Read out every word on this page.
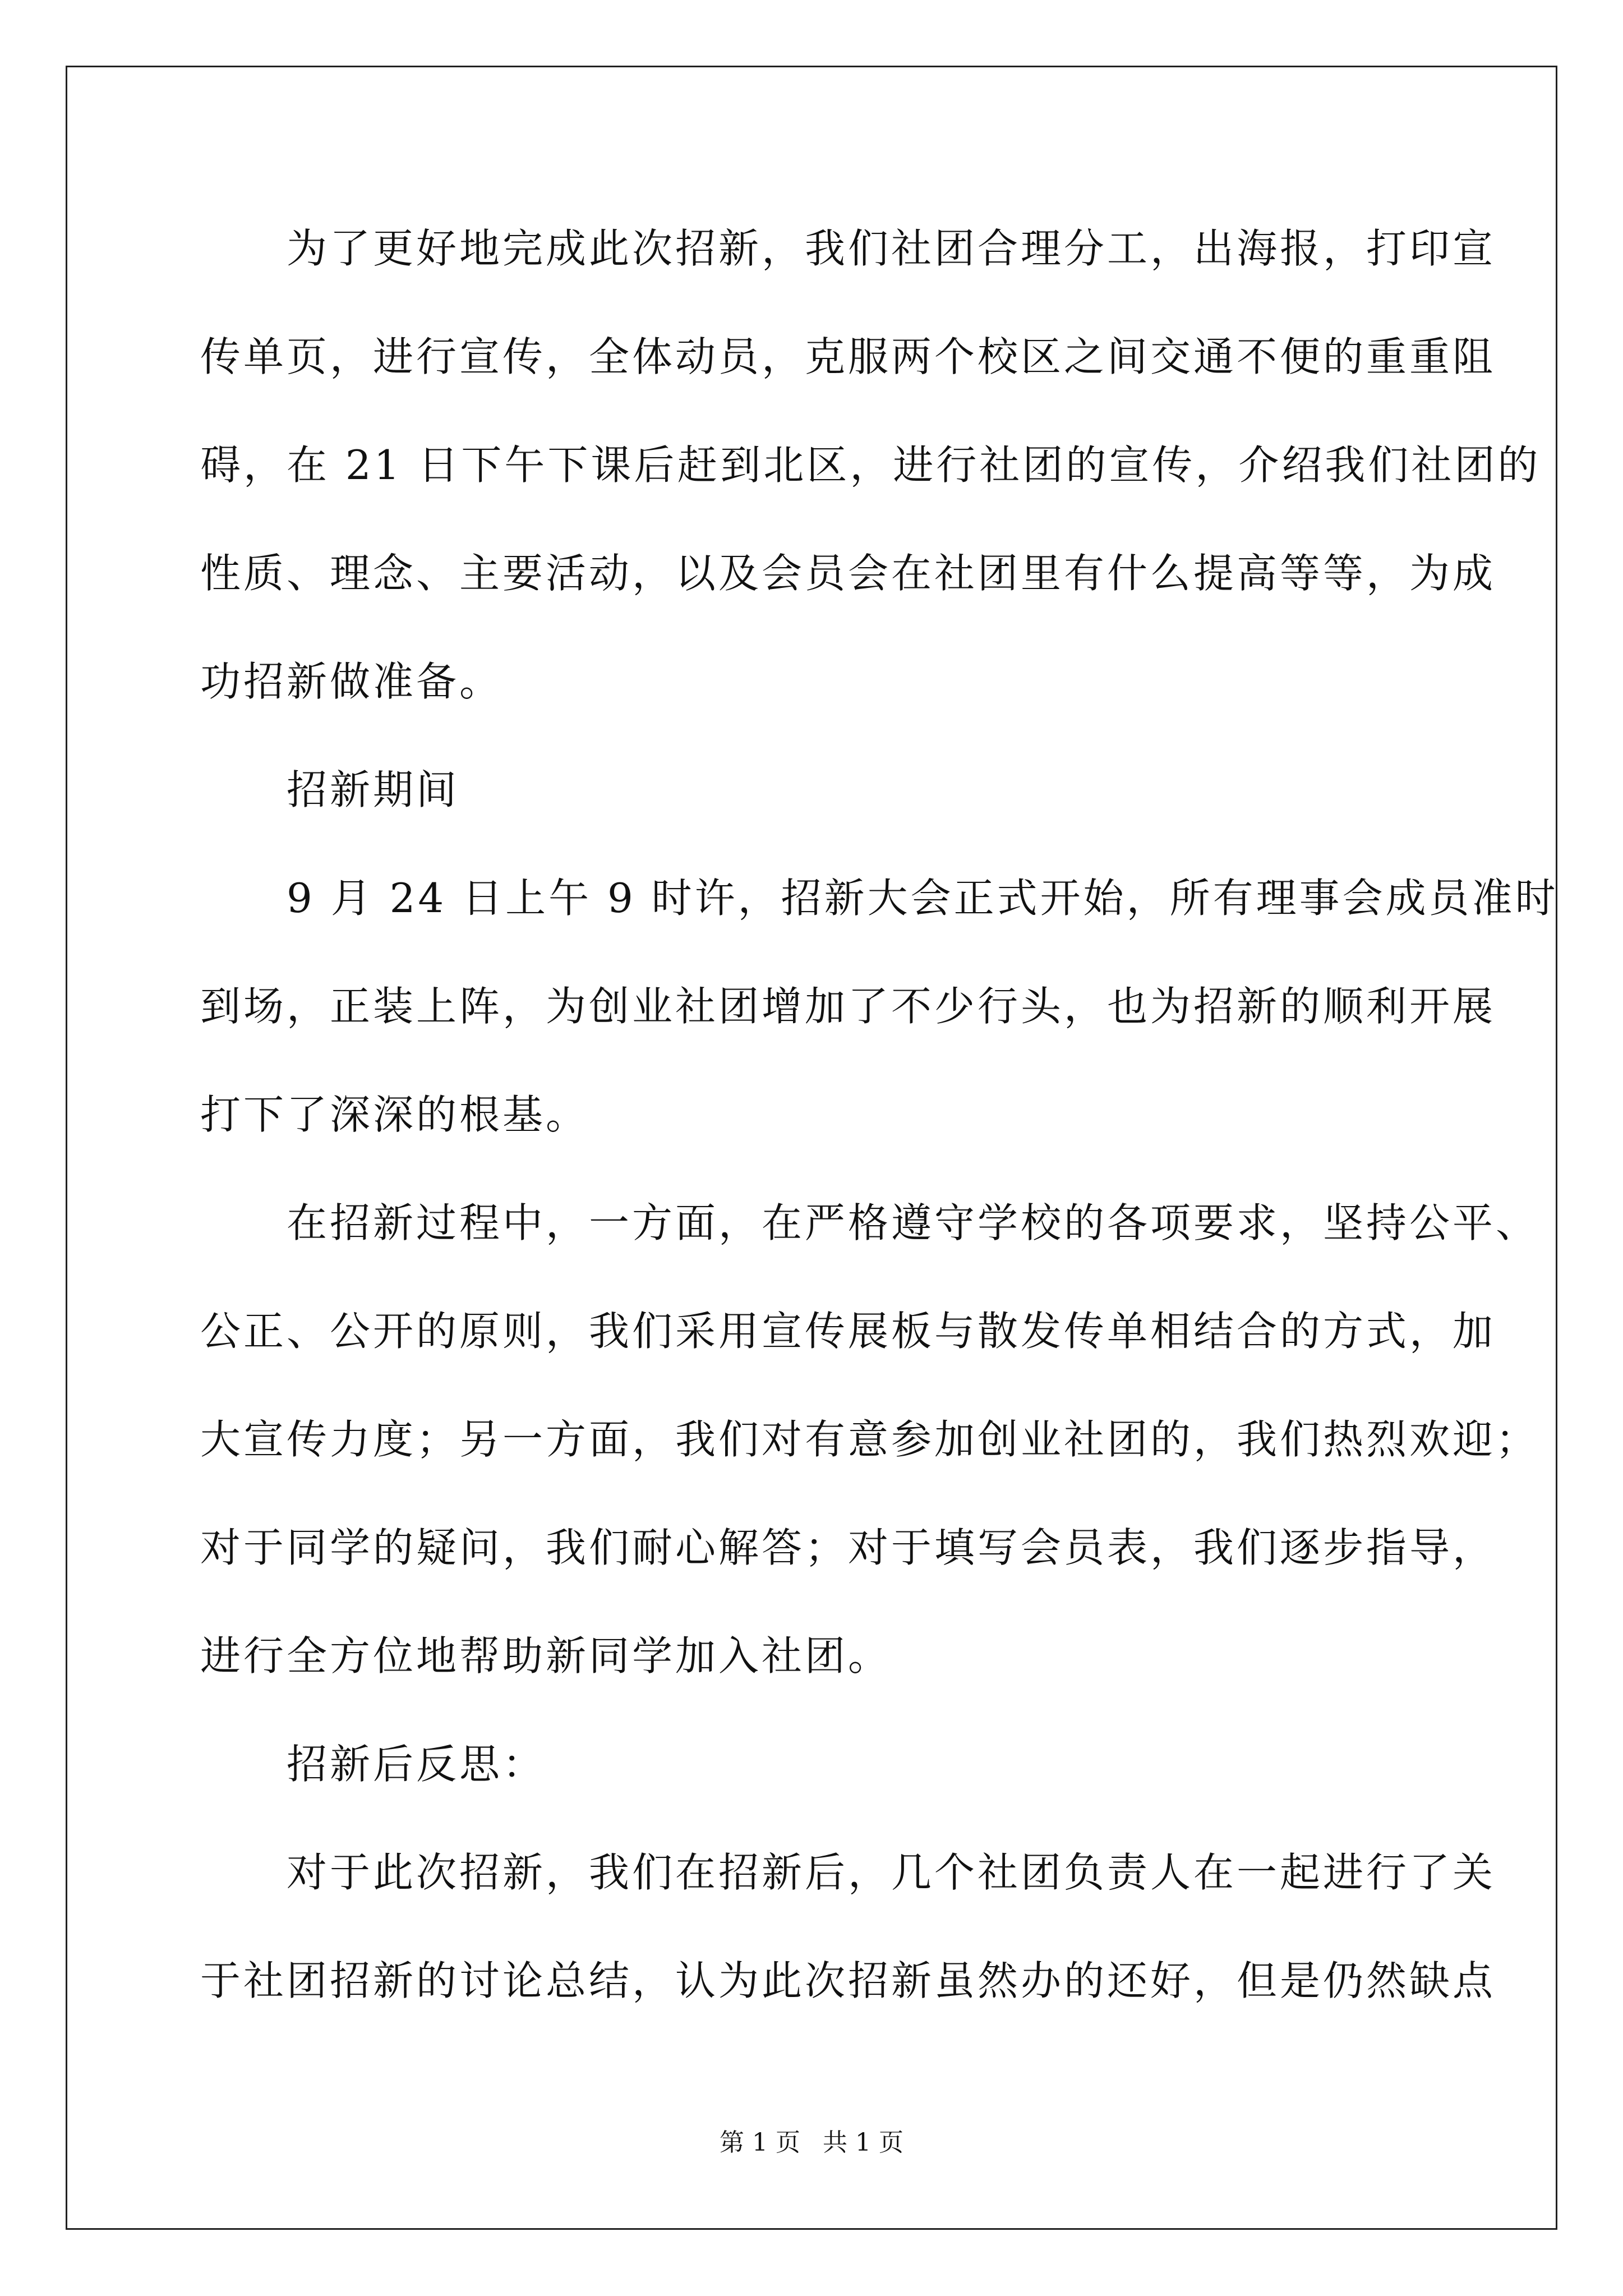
　　为了更好地完成此次招新，我们社团合理分工，出海报，打印宣
传单页，进行宣传，全体动员，克服两个校区之间交通不便的重重阻
碍，在 21 日下午下课后赶到北区，进行社团的宣传，介绍我们社团的
性质、理念、主要活动，以及会员会在社团里有什么提高等等，为成
功招新做准备。
　　招新期间
　　9 月 24 日上午 9 时许，招新大会正式开始，所有理事会成员准时
到场，正装上阵，为创业社团增加了不少行头，也为招新的顺利开展
打下了深深的根基。
　　在招新过程中，一方面，在严格遵守学校的各项要求，坚持公平、
公正、公开的原则，我们采用宣传展板与散发传单相结合的方式，加
大宣传力度；另一方面，我们对有意参加创业社团的，我们热烈欢迎；
对于同学的疑问，我们耐心解答；对于填写会员表，我们逐步指导，
进行全方位地帮助新同学加入社团。
　　招新后反思：
　　对于此次招新，我们在招新后，几个社团负责人在一起进行了关
于社团招新的讨论总结，认为此次招新虽然办的还好，但是仍然缺点
第 1 页 共 1 页
